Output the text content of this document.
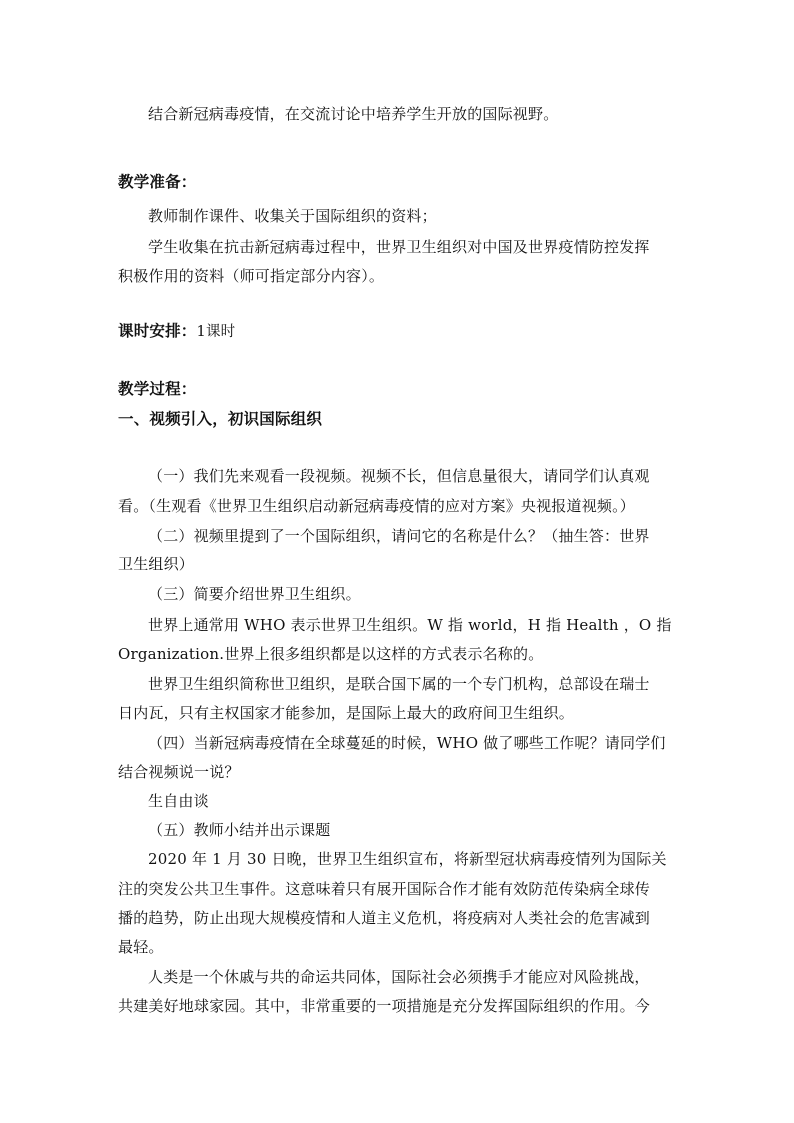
结合新冠病毒疫情，在交流讨论中培养学生开放的国际视野。
教学准备：
教师制作课件、收集关于国际组织的资料；
学生收集在抗击新冠病毒过程中，世界卫生组织对中国及世界疫情防控发挥
积极作用的资料（师可指定部分内容）。
课时安排：1课时
教学过程：
一、视频引入，初识国际组织
（一）我们先来观看一段视频。视频不长，但信息量很大，请同学们认真观
看。（生观看《世界卫生组织启动新冠病毒疫情的应对方案》央视报道视频。）
（二）视频里提到了一个国际组织，请问它的名称是什么？（抽生答：世界
卫生组织）
（三）简要介绍世界卫生组织。
世界上通常用 WHO 表示世界卫生组织。W 指 world，H 指 Health ，O 指
Organization.世界上很多组织都是以这样的方式表示名称的。
世界卫生组织简称世卫组织，是联合国下属的一个专门机构，总部设在瑞士
日内瓦，只有主权国家才能参加，是国际上最大的政府间卫生组织。
（四）当新冠病毒疫情在全球蔓延的时候，WHO 做了哪些工作呢？请同学们
结合视频说一说？
生自由谈
（五）教师小结并出示课题
2020 年 1 月 30 日晚，世界卫生组织宣布，将新型冠状病毒疫情列为国际关
注的突发公共卫生事件。这意味着只有展开国际合作才能有效防范传染病全球传
播的趋势，防止出现大规模疫情和人道主义危机，将疫病对人类社会的危害减到
最轻。
人类是一个休戚与共的命运共同体，国际社会必须携手才能应对风险挑战，
共建美好地球家园。其中，非常重要的一项措施是充分发挥国际组织的作用。今
